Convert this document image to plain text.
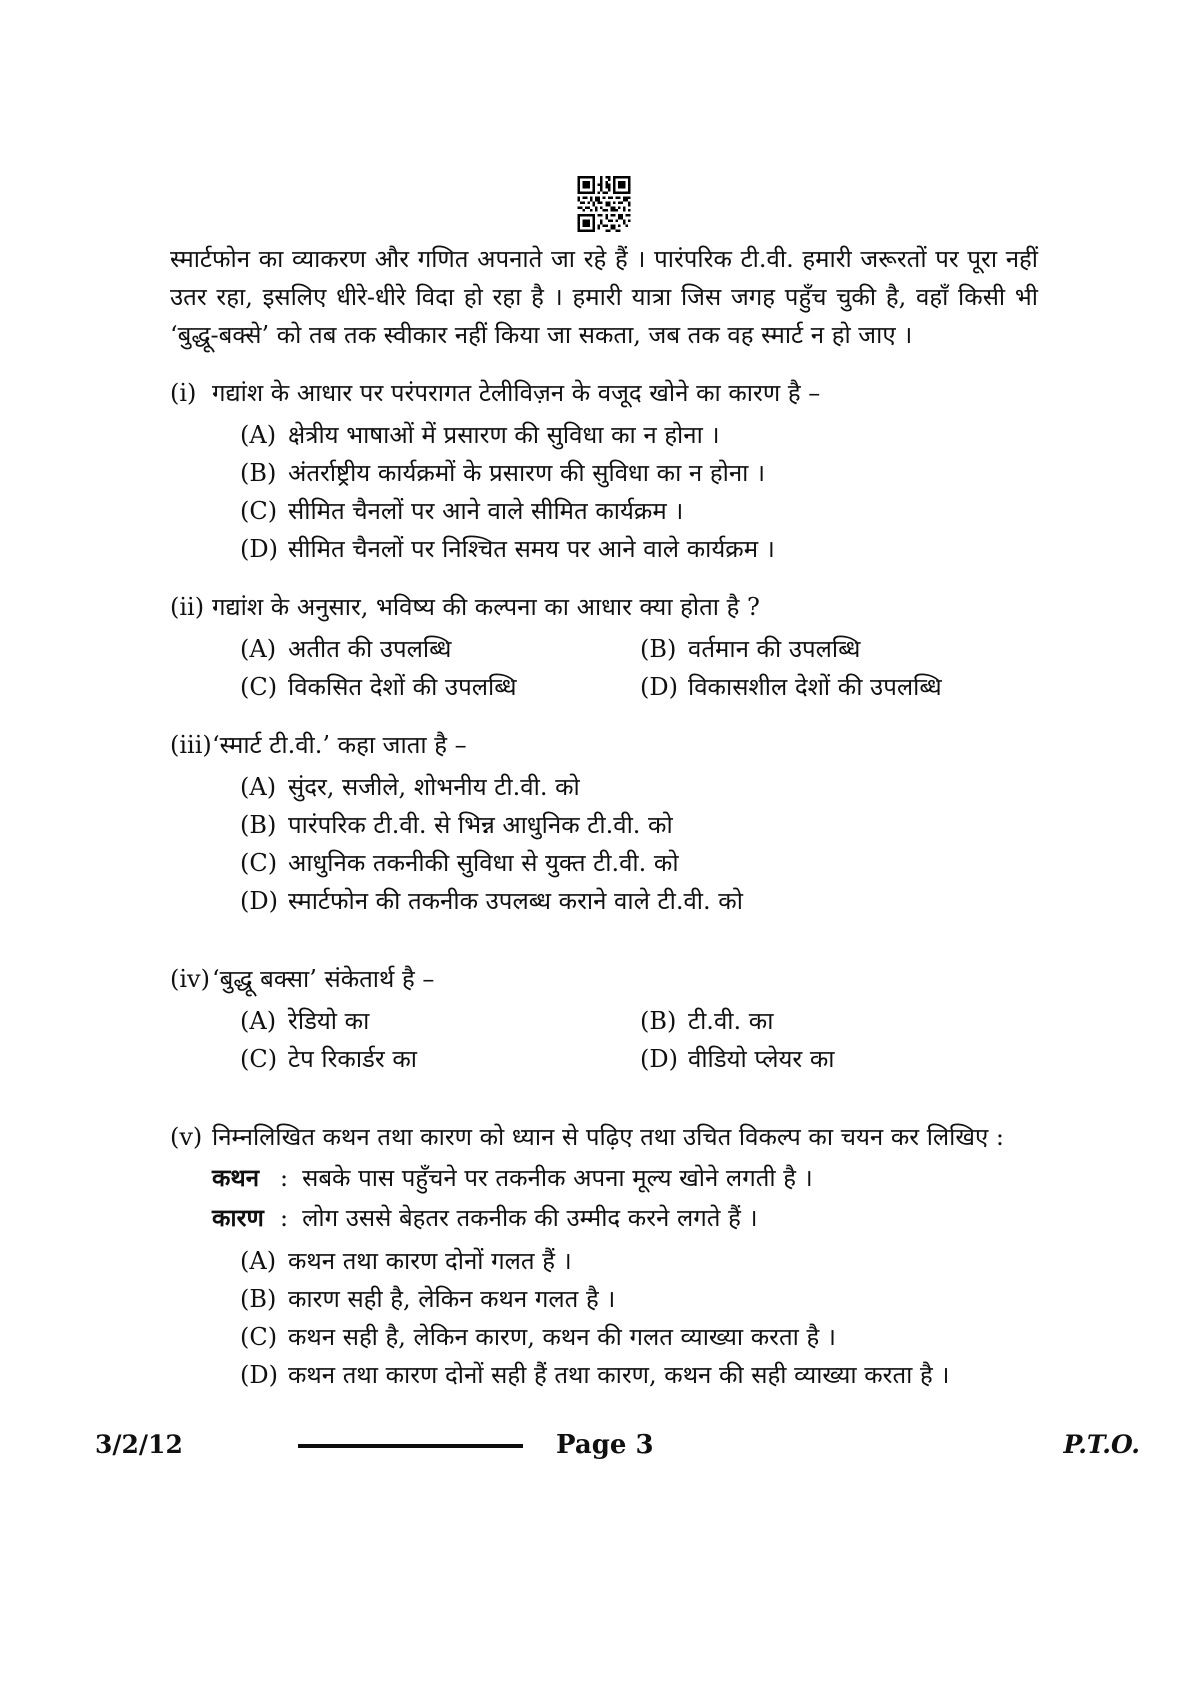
स्मार्टफोन का व्याकरण और गणित अपनाते जा रहे हैं । पारंपरिक टी.वी. हमारी जरूरतों पर पूरा नहीं
उतर रहा, इसलिए धीरे-धीरे विदा हो रहा है । हमारी यात्रा जिस जगह पहुँच चुकी है, वहाँ किसी भी
‘बुद्धू-बक्से’ को तब तक स्वीकार नहीं किया जा सकता, जब तक वह स्मार्ट न हो जाए ।
(i) गद्यांश के आधार पर परंपरागत टेलीविज़न के वजूद खोने का कारण है –
(A) क्षेत्रीय भाषाओं में प्रसारण की सुविधा का न होना ।
(B) अंतर्राष्ट्रीय कार्यक्रमों के प्रसारण की सुविधा का न होना ।
(C) सीमित चैनलों पर आने वाले सीमित कार्यक्रम ।
(D) सीमित चैनलों पर निश्चित समय पर आने वाले कार्यक्रम ।
(ii) गद्यांश के अनुसार, भविष्य की कल्पना का आधार क्या होता है ?
(A) अतीत की उपलब्धि	(B) वर्तमान की उपलब्धि
(C) विकसित देशों की उपलब्धि	(D) विकासशील देशों की उपलब्धि
(iii) ‘स्मार्ट टी.वी.’ कहा जाता है –
(A) सुंदर, सजीले, शोभनीय टी.वी. को
(B) पारंपरिक टी.वी. से भिन्न आधुनिक टी.वी. को
(C) आधुनिक तकनीकी सुविधा से युक्त टी.वी. को
(D) स्मार्टफोन की तकनीक उपलब्ध कराने वाले टी.वी. को
(iv) ‘बुद्धू बक्सा’ संकेतार्थ है –
(A) रेडियो का	(B) टी.वी. का
(C) टेप रिकार्डर का	(D) वीडियो प्लेयर का
(v) निम्नलिखित कथन तथा कारण को ध्यान से पढ़िए तथा उचित विकल्प का चयन कर लिखिए :
कथन : सबके पास पहुँचने पर तकनीक अपना मूल्य खोने लगती है ।
कारण : लोग उससे बेहतर तकनीक की उम्मीद करने लगते हैं ।
(A) कथन तथा कारण दोनों गलत हैं ।
(B) कारण सही है, लेकिन कथन गलत है ।
(C) कथन सही है, लेकिन कारण, कथन की गलत व्याख्या करता है ।
(D) कथन तथा कारण दोनों सही हैं तथा कारण, कथन की सही व्याख्या करता है ।
3/2/12	Page 3	P.T.O.
